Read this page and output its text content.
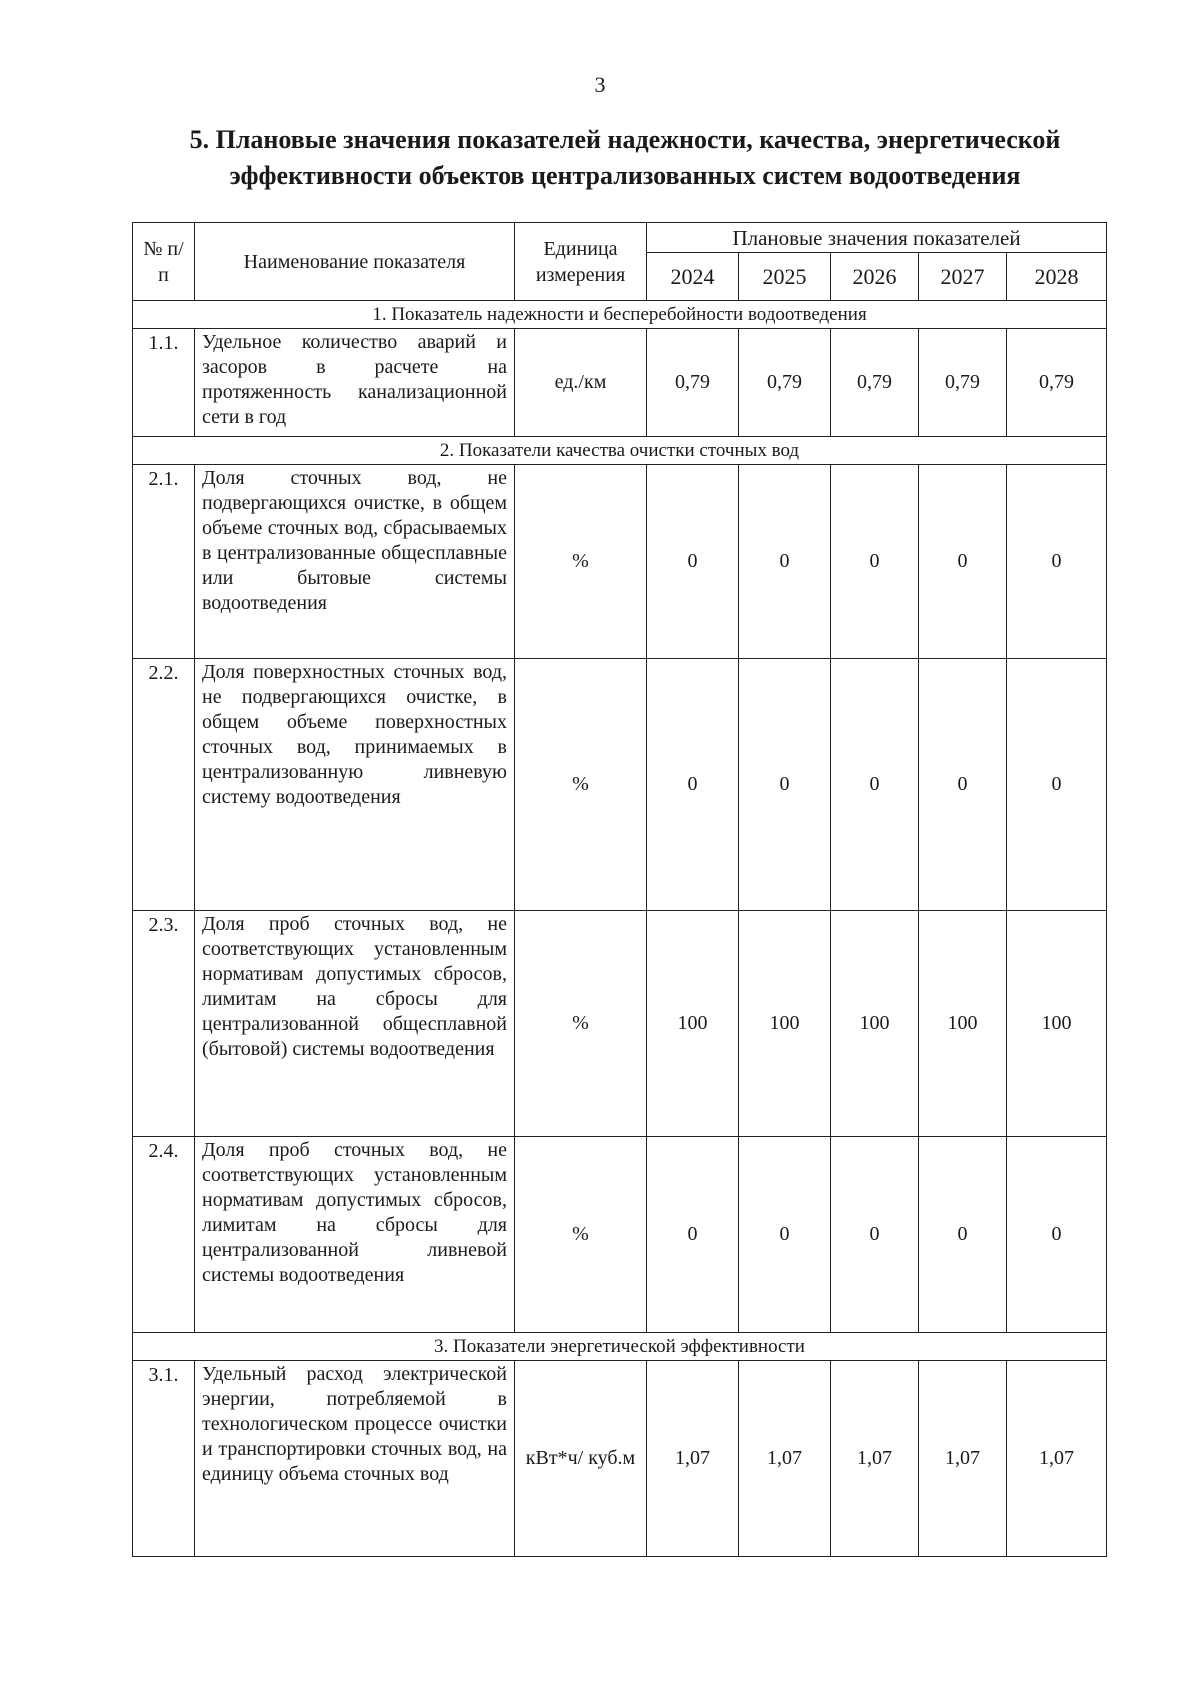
3
5. Плановые значения показателей надежности, качества, энергетической
эффективности объектов централизованных систем водоотведения
№ п/п	Наименование показателя	Единица измерения	Плановые значения показателей				
			2024	2025	2026	2027	2028
1. Показатель надежности и бесперебойности водоотведения							
1.1.	Удельное количество аварий и засоров в расчете на протяженность канализационной сети в год	ед./км	0,79	0,79	0,79	0,79	0,79
2. Показатели качества очистки сточных вод							
2.1.	Доля сточных вод, не подвергающихся очистке, в общем объеме сточных вод, сбрасываемых в централизованные общесплавные или бытовые системы водоотведения	%	0	0	0	0	0
2.2.	Доля поверхностных сточных вод, не подвергающихся очистке, в общем объеме поверхностных сточных вод, принимаемых в централизованную ливневую систему водоотведения	%	0	0	0	0	0
2.3.	Доля проб сточных вод, не соответствующих установленным нормативам допустимых сбросов, лимитам на сбросы для централизованной общесплавной (бытовой) системы водоотведения	%	100	100	100	100	100
2.4.	Доля проб сточных вод, не соответствующих установленным нормативам допустимых сбросов, лимитам на сбросы для централизованной ливневой системы водоотведения	%	0	0	0	0	0
3. Показатели энергетической эффективности							
3.1.	Удельный расход электрической энергии, потребляемой в технологическом процессе очистки и транспортировки сточных вод, на единицу объема сточных вод	кВт*ч/ куб.м	1,07	1,07	1,07	1,07	1,07
